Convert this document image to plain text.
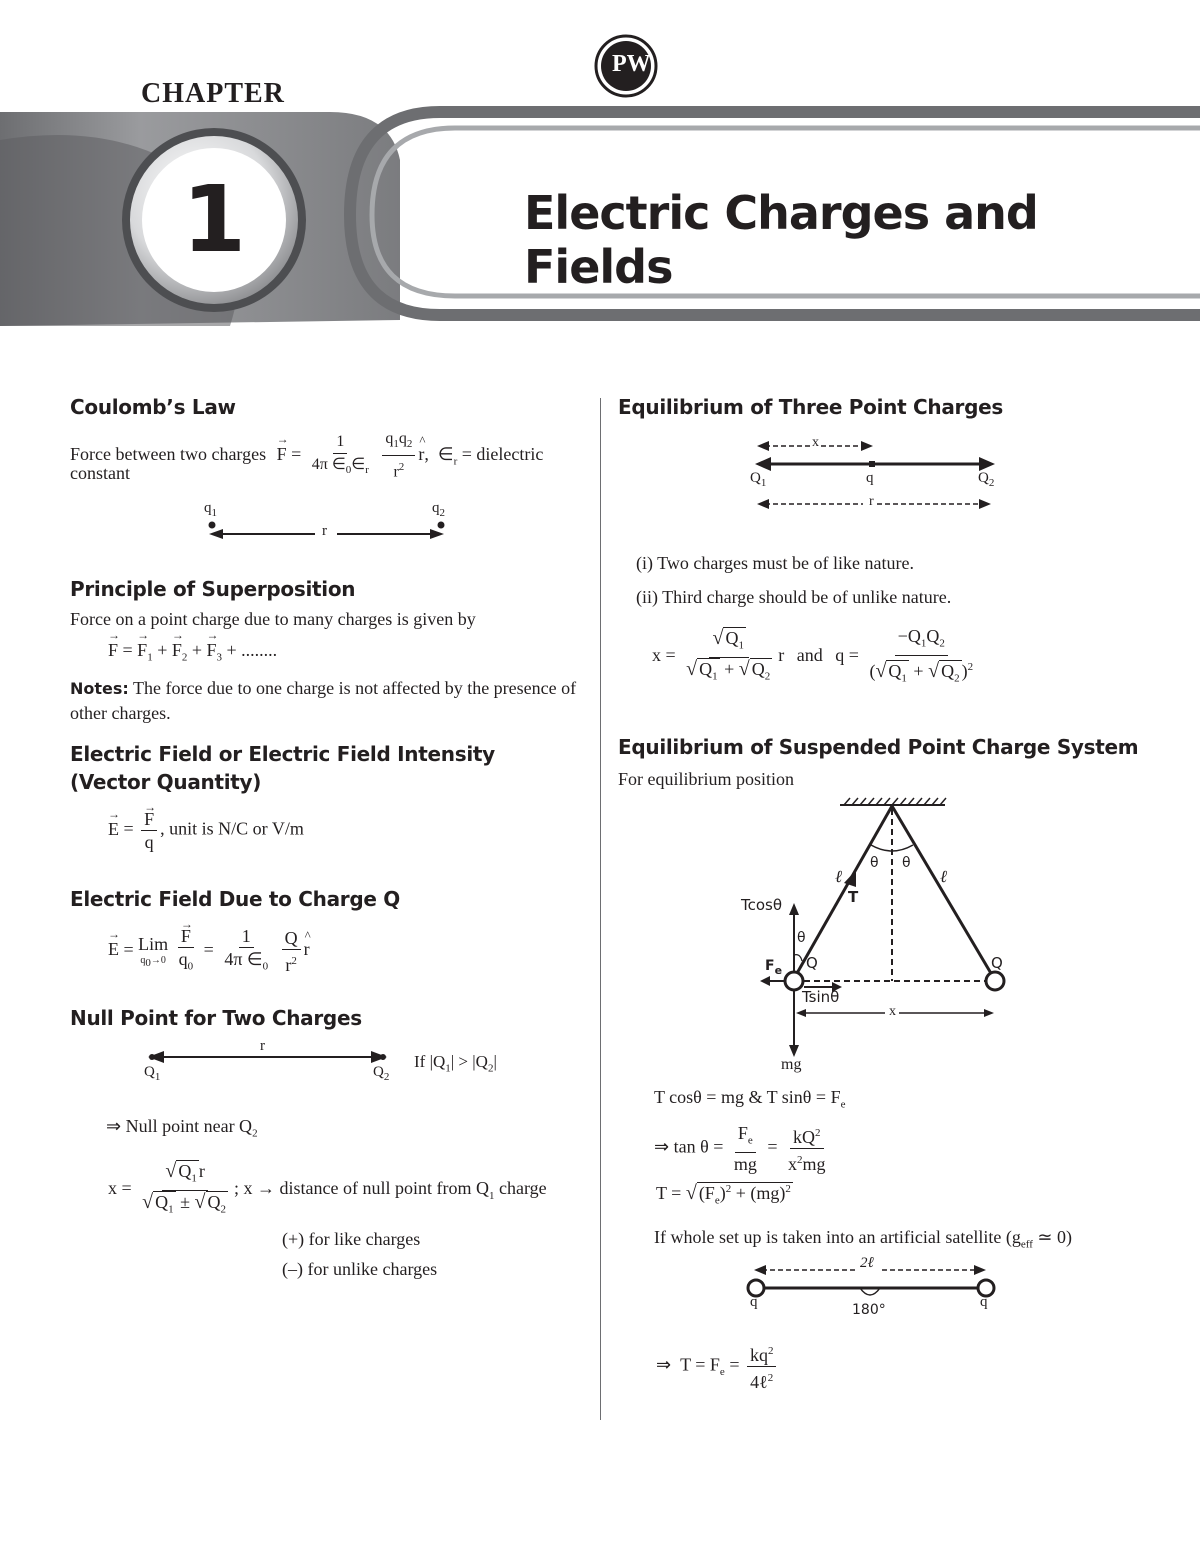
CHAPTER
1	Electric Charges and Fields
PW
Coulomb’s Law
Force between two charges → $F = \frac{1}{4\pi \in_0\in_r}$
$\frac{q_1q_2}{r^2}$ ^ r,  $\in_r$ = dielectric
constant
$q_1$	$q_2$
r
Principle of Superposition
Force on a point charge due to many charges is given by
→ F = → $F_1$ + → $F_2$ + → $F_3$ + ........
Notes: The force due to one charge is not affected by the presence of other charges.
Electric Field or Electric Field Intensity
(Vector Quantity)
→ E = → $\frac{F}{q}$ , unit is N/C or V/m
Electric Field Due to Charge Q
→ E = Lim
$q_0\to 0$
→ $\frac{F}{q_0} = \frac{1}{4\pi \in_0}$
$\frac{Q}{r^2}$ ^ r
Null Point for Two Charges
r
$Q_1$	$Q_2$
If $|Q_1| > |Q_2|$
⇒ Null point near $Q_2$
$x = \frac{√ Q_1 r}{√ Q_1 \pm √ Q_2}$ ; x → distance of null point from $Q_1$ charge
(+) for like charges
(–) for unlike charges
Equilibrium of Three Point Charges
x
r
$Q_1$	q	$Q_2$
(i) Two charges must be of like nature.
(ii) Third charge should be of unlike nature.
$x = \frac{√ Q_1}{√ Q_1 + √ Q_2}$ r and $q = \frac{-Q_1Q_2}{(√ Q_1 + √ Q_2 )^2}$
Equilibrium of Suspended Point Charge System
For equilibrium position
Tcosθ
Tsinθ
θ θ
θ
ℓ	ℓ
T
Q	Q
$F_e$
mg
x
T cosθ = mg & T $\sin\theta = F_e$
⇒ $\tan \theta = \frac{F_e}{mg} = \frac{kQ^2}{x^2mg}$
T = √ $(F_e)^2 + (mg)^2$
If whole set up is taken into an artificial satellite ($g_{eff}$ ≃ 0)
2ℓ
180°
q	q
⇒  $T = F_e = \frac{kq^2}{4\ell^2}$
